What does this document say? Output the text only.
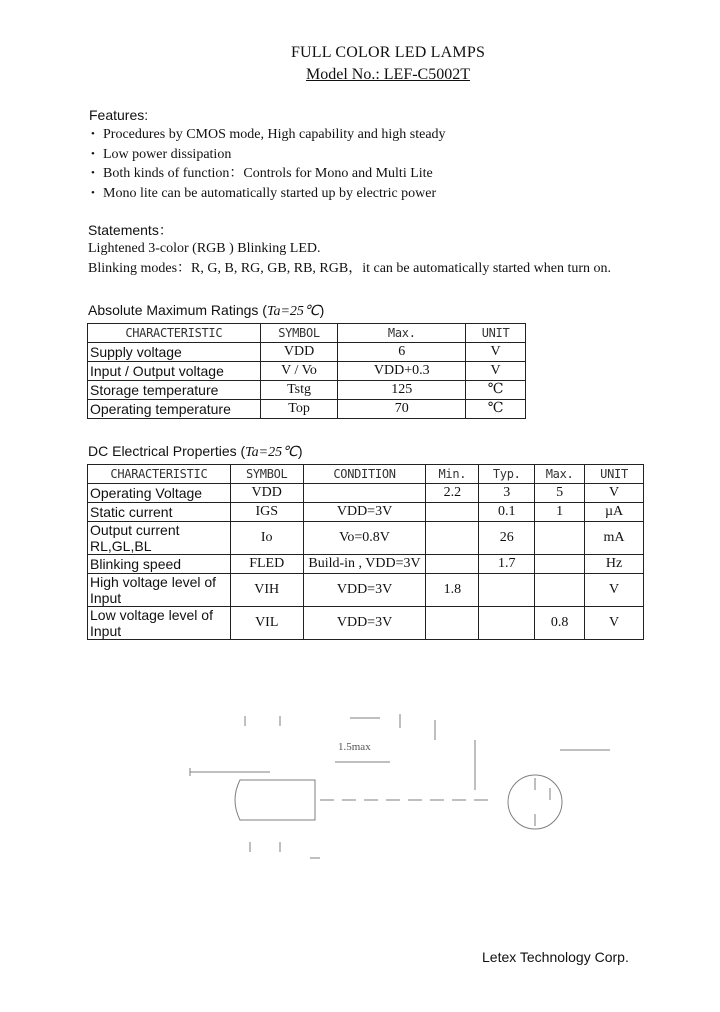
FULL COLOR LED LAMPS
Model No.: LEF-C5002T
Features:
• Procedures by CMOS mode, High capability and high steady
• Low power dissipation
• Both kinds of function：Controls for Mono and Multi Lite
• Mono lite can be automatically started up by electric power
Statements：
Lightened 3-color (RGB ) Blinking LED.
Blinking modes：R, G, B, RG, GB, RB, RGB，it can be automatically started when turn on.
Absolute Maximum Ratings (Ta=25℃)
CHARACTERISTIC	SYMBOL	Max.	UNIT
Supply voltage	VDD	6	V
Input / Output voltage	V / Vo	VDD+0.3	V
Storage temperature	Tstg	125	℃
Operating temperature	Top	70	℃
DC Electrical Properties (Ta=25℃)
CHARACTERISTIC	SYMBOL	CONDITION	Min.	Typ.	Max.	UNIT
Operating Voltage	VDD		2.2	3	5	V
Static current	IGS	VDD=3V		0.1	1	µA
Output current
RL,GL,BL	Io	Vo=0.8V		26		mA
Blinking speed	FLED	Build-in , VDD=3V		1.7		Hz
High voltage level of
Input	VIH	VDD=3V	1.8			V
Low voltage level of
Input	VIL	VDD=3V			0.8	V
1.5max
Letex Technology Corp.
